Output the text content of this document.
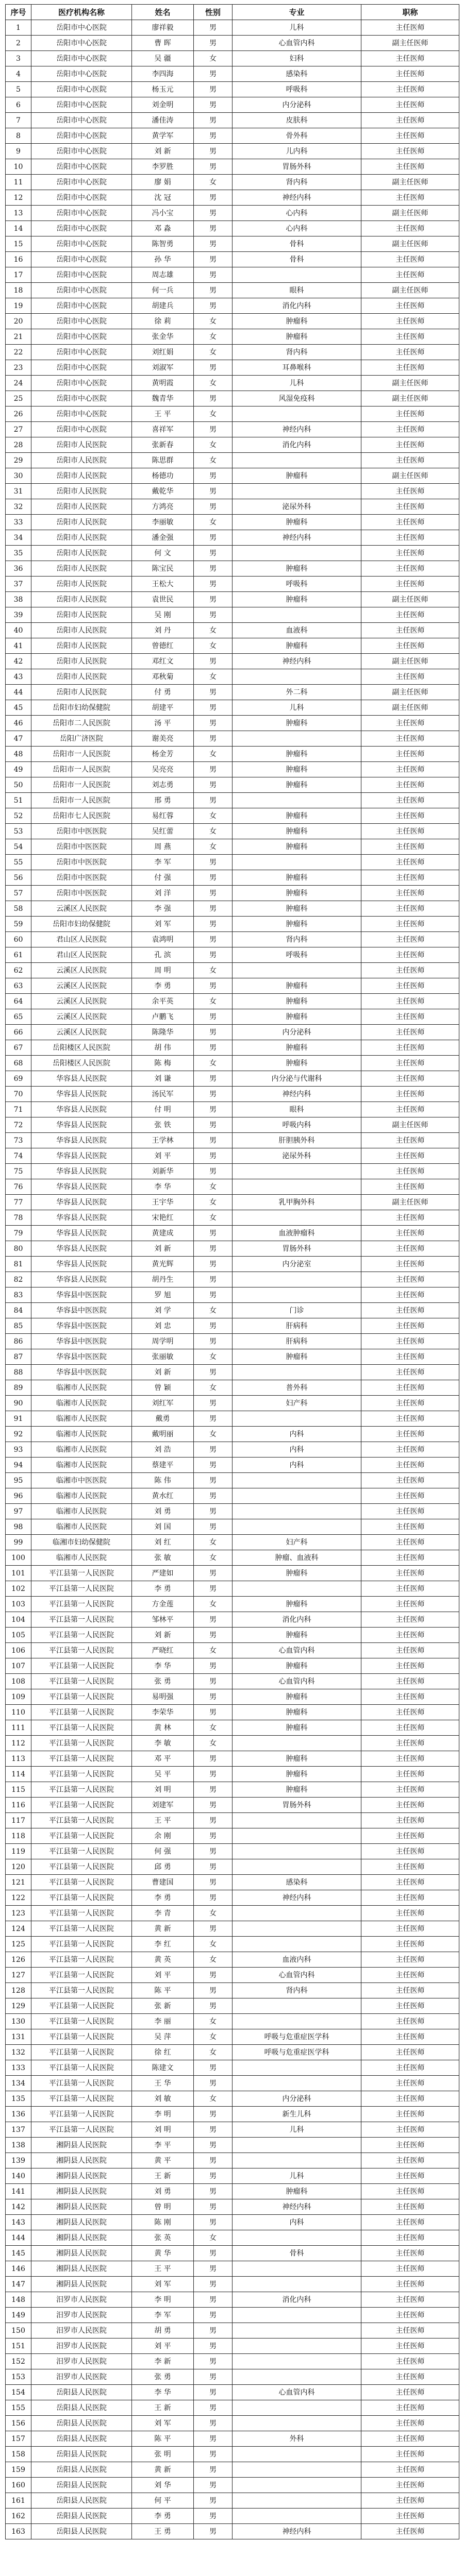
序号	医疗机构名称	姓名	性别	专业	职称
1	岳阳市中心医院	廖祥毅	男	儿科	主任医师
2	岳阳市中心医院	曹 晖	男	心血管内科	副主任医师
3	岳阳市中心医院	吴 疆	女	妇科	主任医师
4	岳阳市中心医院	李四海	男	感染科	主任医师
5	岳阳市中心医院	杨玉元	男	呼吸科	主任医师
6	岳阳市中心医院	刘金明	男	内分泌科	主任医师
7	岳阳市中心医院	潘佳涛	男	皮肤科	主任医师
8	岳阳市中心医院	黄学军	男	骨外科	主任医师
9	岳阳市中心医院	刘 新	男	儿内科	主任医师
10	岳阳市中心医院	李罗胜	男	胃肠外科	主任医师
11	岳阳市中心医院	廖 娟	女	肾内科	副主任医师
12	岳阳市中心医院	沈 冠	男	神经内科	主任医师
13	岳阳市中心医院	冯小宝	男	心内科	副主任医师
14	岳阳市中心医院	邓 淼	男	心内科	主任医师
15	岳阳市中心医院	陈智勇	男	骨科	副主任医师
16	岳阳市中心医院	孙 华	男	骨科	主任医师
17	岳阳市中心医院	周志雄	男		主任医师
18	岳阳市中心医院	何一兵	男	眼科	副主任医师
19	岳阳市中心医院	胡建兵	男	消化内科	主任医师
20	岳阳市中心医院	徐 莉	女	肿瘤科	主任医师
21	岳阳市中心医院	张金华	女	肿瘤科	主任医师
22	岳阳市中心医院	刘红娟	女	肾内科	主任医师
23	岳阳市中心医院	刘淑军	男	耳鼻喉科	主任医师
24	岳阳市中心医院	黄明霞	女	儿科	副主任医师
25	岳阳市中心医院	魏青华	男	风湿免疫科	副主任医师
26	岳阳市中心医院	王 平	女		主任医师
27	岳阳市中心医院	喜祥军	男	神经内科	主任医师
28	岳阳市人民医院	张新春	女	消化内科	主任医师
29	岳阳市人民医院	陈思群	女		主任医师
30	岳阳市人民医院	杨德功	男	肿瘤科	副主任医师
31	岳阳市人民医院	戴乾华	男		主任医师
32	岳阳市人民医院	方鸿亮	男	泌尿外科	主任医师
33	岳阳市人民医院	李丽敏	女	肿瘤科	主任医师
34	岳阳市人民医院	潘金强	男	神经内科	主任医师
35	岳阳市人民医院	何 文	男		主任医师
36	岳阳市人民医院	陈宝民	男	肿瘤科	主任医师
37	岳阳市人民医院	王松大	男	呼吸科	主任医师
38	岳阳市人民医院	袁世民	男	肿瘤科	副主任医师
39	岳阳市人民医院	吴 刚	男		主任医师
40	岳阳市人民医院	刘 丹	女	血液科	主任医师
41	岳阳市人民医院	曾德红	女	肿瘤科	主任医师
42	岳阳市人民医院	邓红文	男	神经内科	副主任医师
43	岳阳市人民医院	邓秋菊	女		主任医师
44	岳阳市人民医院	付 勇	男	外二科	副主任医师
45	岳阳市妇幼保健院	胡建平	男	儿科	副主任医师
46	岳阳市二人民医院	汤 平	男	肿瘤科	主任医师
47	岳阳广济医院	谢美亮	男		主任医师
48	岳阳市一人民医院	杨金芳	女	肿瘤科	主任医师
49	岳阳市一人民医院	吴亮亮	男	肿瘤科	主任医师
50	岳阳市一人民医院	刘志勇	男	肿瘤科	主任医师
51	岳阳市一人民医院	邢 勇	男		主任医师
52	岳阳市七人民医院	易红蓉	女	肿瘤科	主任医师
53	岳阳市中医医院	吴红蕾	女	肿瘤科	主任医师
54	岳阳市中医医院	周 燕	女	肿瘤科	主任医师
55	岳阳市中医医院	李 军	男		主任医师
56	岳阳市中医医院	付 强	男	肿瘤科	主任医师
57	岳阳市中医医院	刘 洋	男	肿瘤科	主任医师
58	云溪区人民医院	李 强	男	肿瘤科	主任医师
59	岳阳市妇幼保健院	刘 军	男	肿瘤科	主任医师
60	君山区人民医院	袁鸿明	男	肾内科	主任医师
61	君山区人民医院	孔 滨	男	呼吸科	主任医师
62	云溪区人民医院	周 明	女		主任医师
63	云溪区人民医院	李 勇	男	肿瘤科	主任医师
64	云溪区人民医院	余平英	女	肿瘤科	主任医师
65	云溪区人民医院	卢鹏飞	男	肿瘤科	主任医师
66	云溪区人民医院	陈隆华	男	内分泌科	主任医师
67	岳阳楼区人民医院	胡 伟	男	肿瘤科	主任医师
68	岳阳楼区人民医院	陈 梅	女	肿瘤科	主任医师
69	华容县人民医院	刘 谦	男	内分泌与代谢科	主任医师
70	华容县人民医院	汤民军	男	神经内科	主任医师
71	华容县人民医院	付 明	男	眼科	主任医师
72	华容县人民医院	张 铁	男	呼吸内科	副主任医师
73	华容县人民医院	王学林	男	肝胆胰外科	主任医师
74	华容县人民医院	刘 平	男	泌尿外科	主任医师
75	华容县人民医院	刘新华	男		主任医师
76	华容县人民医院	李 华	女		主任医师
77	华容县人民医院	王宇华	女	乳甲胸外科	副主任医师
78	华容县人民医院	宋艳红	女		主任医师
79	华容县人民医院	黄建成	男	血液肿瘤科	主任医师
80	华容县人民医院	刘 新	男	胃肠外科	主任医师
81	华容县人民医院	黄光辉	男	内分泌室	主任医师
82	华容县人民医院	胡丹生	男		主任医师
83	华容县中医医院	罗 旭	男		主任医师
84	华容县中医医院	刘 学	女	门诊	主任医师
85	华容县中医医院	刘 忠	男	肝病科	主任医师
86	华容县中医医院	周学明	男	肝病科	主任医师
87	华容县中医医院	张丽敏	女	肿瘤科	主任医师
88	华容县中医医院	刘 新	男		主任医师
89	临湘市人民医院	曾 颖	女	普外科	主任医师
90	临湘市人民医院	刘红军	男	妇产科	主任医师
91	临湘市人民医院	戴勇	男		主任医师
92	临湘市人民医院	戴明丽	女	内科	主任医师
93	临湘市人民医院	刘 浩	男	内科	主任医师
94	临湘市人民医院	蔡建平	男	内科	主任医师
95	临湘市中医医院	陈 伟	男		主任医师
96	临湘市人民医院	黄水红	男		主任医师
97	临湘市人民医院	刘 勇	男		主任医师
98	临湘市人民医院	刘 国	男		主任医师
99	临湘市妇幼保健院	刘 红	女	妇产科	主任医师
100	临湘市人民医院	张 敏	女	肿瘤、血液科	主任医师
101	平江县第一人民医院	严建如	男	肿瘤科	主任医师
102	平江县第一人民医院	李 勇	男		主任医师
103	平江县第一人民医院	方金莲	女	肿瘤科	主任医师
104	平江县第一人民医院	邹林平	男	消化内科	主任医师
105	平江县第一人民医院	刘 新	男	肿瘤科	主任医师
106	平江县第一人民医院	严晓红	女	心血管内科	主任医师
107	平江县第一人民医院	李 华	男	肿瘤科	主任医师
108	平江县第一人民医院	张 勇	男	心血管内科	主任医师
109	平江县第一人民医院	易明强	男	肿瘤科	主任医师
110	平江县第一人民医院	李荣华	男	肿瘤科	主任医师
111	平江县第一人民医院	黄 林	女	肿瘤科	主任医师
112	平江县第一人民医院	李 敏	女		主任医师
113	平江县第一人民医院	邓 平	男	肿瘤科	主任医师
114	平江县第一人民医院	吴 平	男	肿瘤科	主任医师
115	平江县第一人民医院	刘 明	男	肿瘤科	主任医师
116	平江县第一人民医院	刘建军	男	胃肠外科	主任医师
117	平江县第一人民医院	王 平	男		主任医师
118	平江县第一人民医院	余 刚	男		主任医师
119	平江县第一人民医院	何 强	男		主任医师
120	平江县第一人民医院	邱 勇	男		主任医师
121	平江县第一人民医院	曹建国	男	感染科	主任医师
122	平江县第一人民医院	李 勇	男	神经内科	主任医师
123	平江县第一人民医院	李 青	女		主任医师
124	平江县第一人民医院	黄 新	男		主任医师
125	平江县第一人民医院	李 红	女		主任医师
126	平江县第一人民医院	黄 英	女	血液内科	主任医师
127	平江县第一人民医院	刘 平	男	心血管内科	主任医师
128	平江县第一人民医院	陈 平	男	肾内科	主任医师
129	平江县第一人民医院	张 新	男		主任医师
130	平江县第一人民医院	李 丽	女		主任医师
131	平江县第一人民医院	吴 萍	女	呼吸与危重症医学科	主任医师
132	平江县第一人民医院	徐 红	女	呼吸与危重症医学科	主任医师
133	平江县第一人民医院	陈建文	男		主任医师
134	平江县第一人民医院	王 华	男		主任医师
135	平江县第一人民医院	刘 敏	女	内分泌科	主任医师
136	平江县第一人民医院	李 明	男	新生儿科	主任医师
137	平江县第一人民医院	刘 明	男	儿科	主任医师
138	湘阴县人民医院	李 平	男		主任医师
139	湘阴县人民医院	黄 平	男		主任医师
140	湘阴县人民医院	王 新	男	儿科	主任医师
141	湘阴县人民医院	刘 勇	男	肿瘤科	主任医师
142	湘阴县人民医院	曾 明	男	神经内科	主任医师
143	湘阴县人民医院	陈 刚	男	内科	主任医师
144	湘阴县人民医院	张 英	女		主任医师
145	湘阴县人民医院	黄 华	男	骨科	主任医师
146	湘阴县人民医院	王 平	男		主任医师
147	湘阴县人民医院	刘 军	男		主任医师
148	汨罗市人民医院	李 明	男	消化内科	主任医师
149	汨罗市人民医院	李 军	男		主任医师
150	汨罗市人民医院	胡 勇	男		主任医师
151	汨罗市人民医院	刘 平	男		主任医师
152	汨罗市人民医院	李 新	男		主任医师
153	汨罗市人民医院	张 勇	男		主任医师
154	岳阳县人民医院	李 华	男	心血管内科	主任医师
155	岳阳县人民医院	王 新	男		主任医师
156	岳阳县人民医院	刘 军	男		主任医师
157	岳阳县人民医院	陈 平	男	外科	主任医师
158	岳阳县人民医院	张 明	男		主任医师
159	岳阳县人民医院	黄 新	男		主任医师
160	岳阳县人民医院	刘 华	男		主任医师
161	岳阳县人民医院	何 平	男		主任医师
162	岳阳县人民医院	李 勇	男		主任医师
163	岳阳县人民医院	王 勇	男	神经内科	主任医师
